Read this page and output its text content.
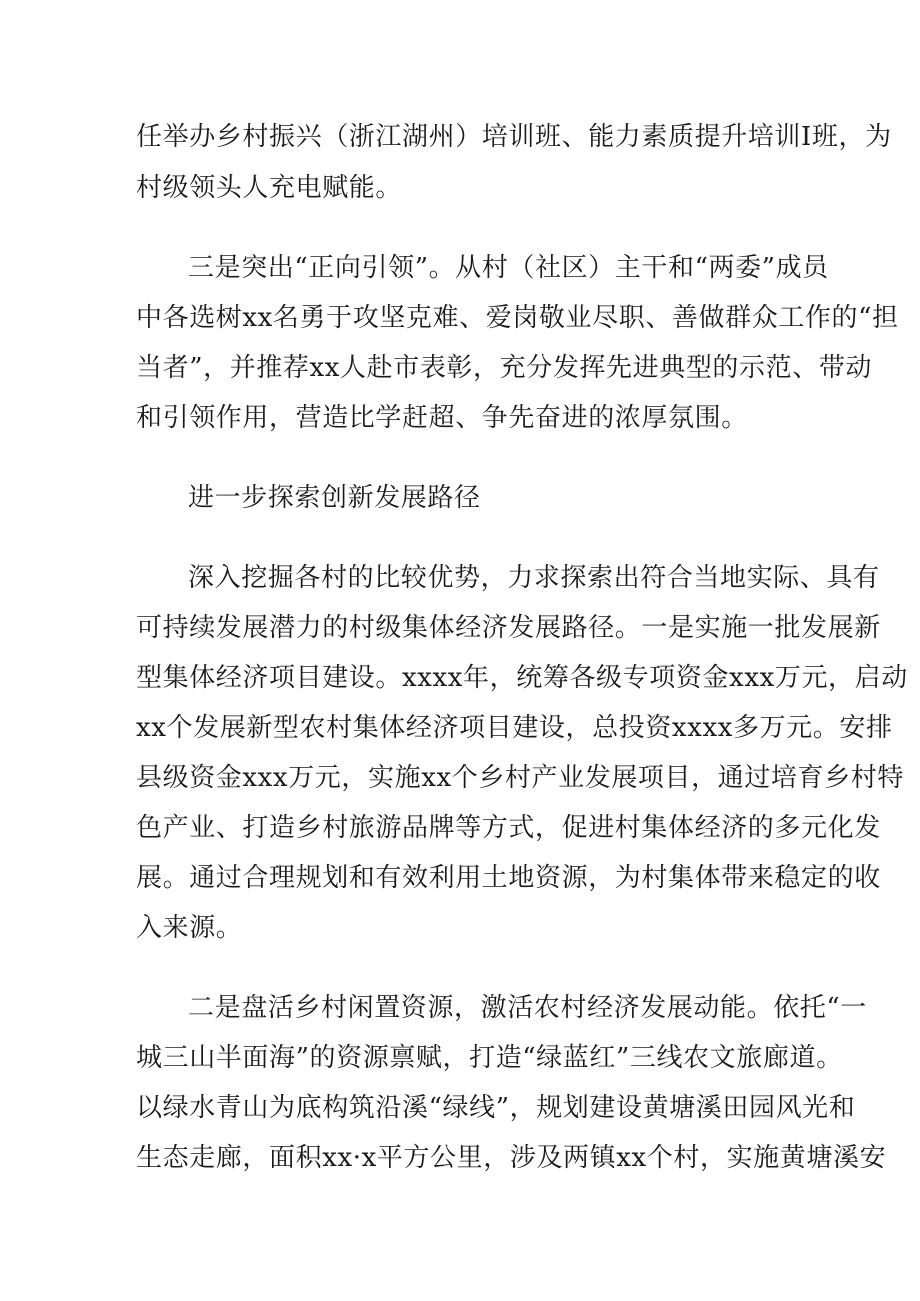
任举办乡村振兴（浙江湖州）培训班、能力素质提升培训I班，为
村级领头人充电赋能。
三是突出“正向引领”。从村（社区）主干和“两委”成员
中各选树xx名勇于攻坚克难、爱岗敬业尽职、善做群众工作的“担
当者”，并推荐xx人赴市表彰，充分发挥先进典型的示范、带动
和引领作用，营造比学赶超、争先奋进的浓厚氛围。
进一步探索创新发展路径
深入挖掘各村的比较优势，力求探索出符合当地实际、具有
可持续发展潜力的村级集体经济发展路径。一是实施一批发展新
型集体经济项目建设。xxxx年，统筹各级专项资金xxx万元，启动
xx个发展新型农村集体经济项目建设，总投资xxxx多万元。安排
县级资金xxx万元，实施xx个乡村产业发展项目，通过培育乡村特
色产业、打造乡村旅游品牌等方式，促进村集体经济的多元化发
展。通过合理规划和有效利用土地资源，为村集体带来稳定的收
入来源。
二是盘活乡村闲置资源，激活农村经济发展动能。依托“一
城三山半面海”的资源禀赋，打造“绿蓝红”三线农文旅廊道。
以绿水青山为底构筑沿溪“绿线”，规划建设黄塘溪田园风光和
生态走廊，面积xx·x平方公里，涉及两镇xx个村，实施黄塘溪安
